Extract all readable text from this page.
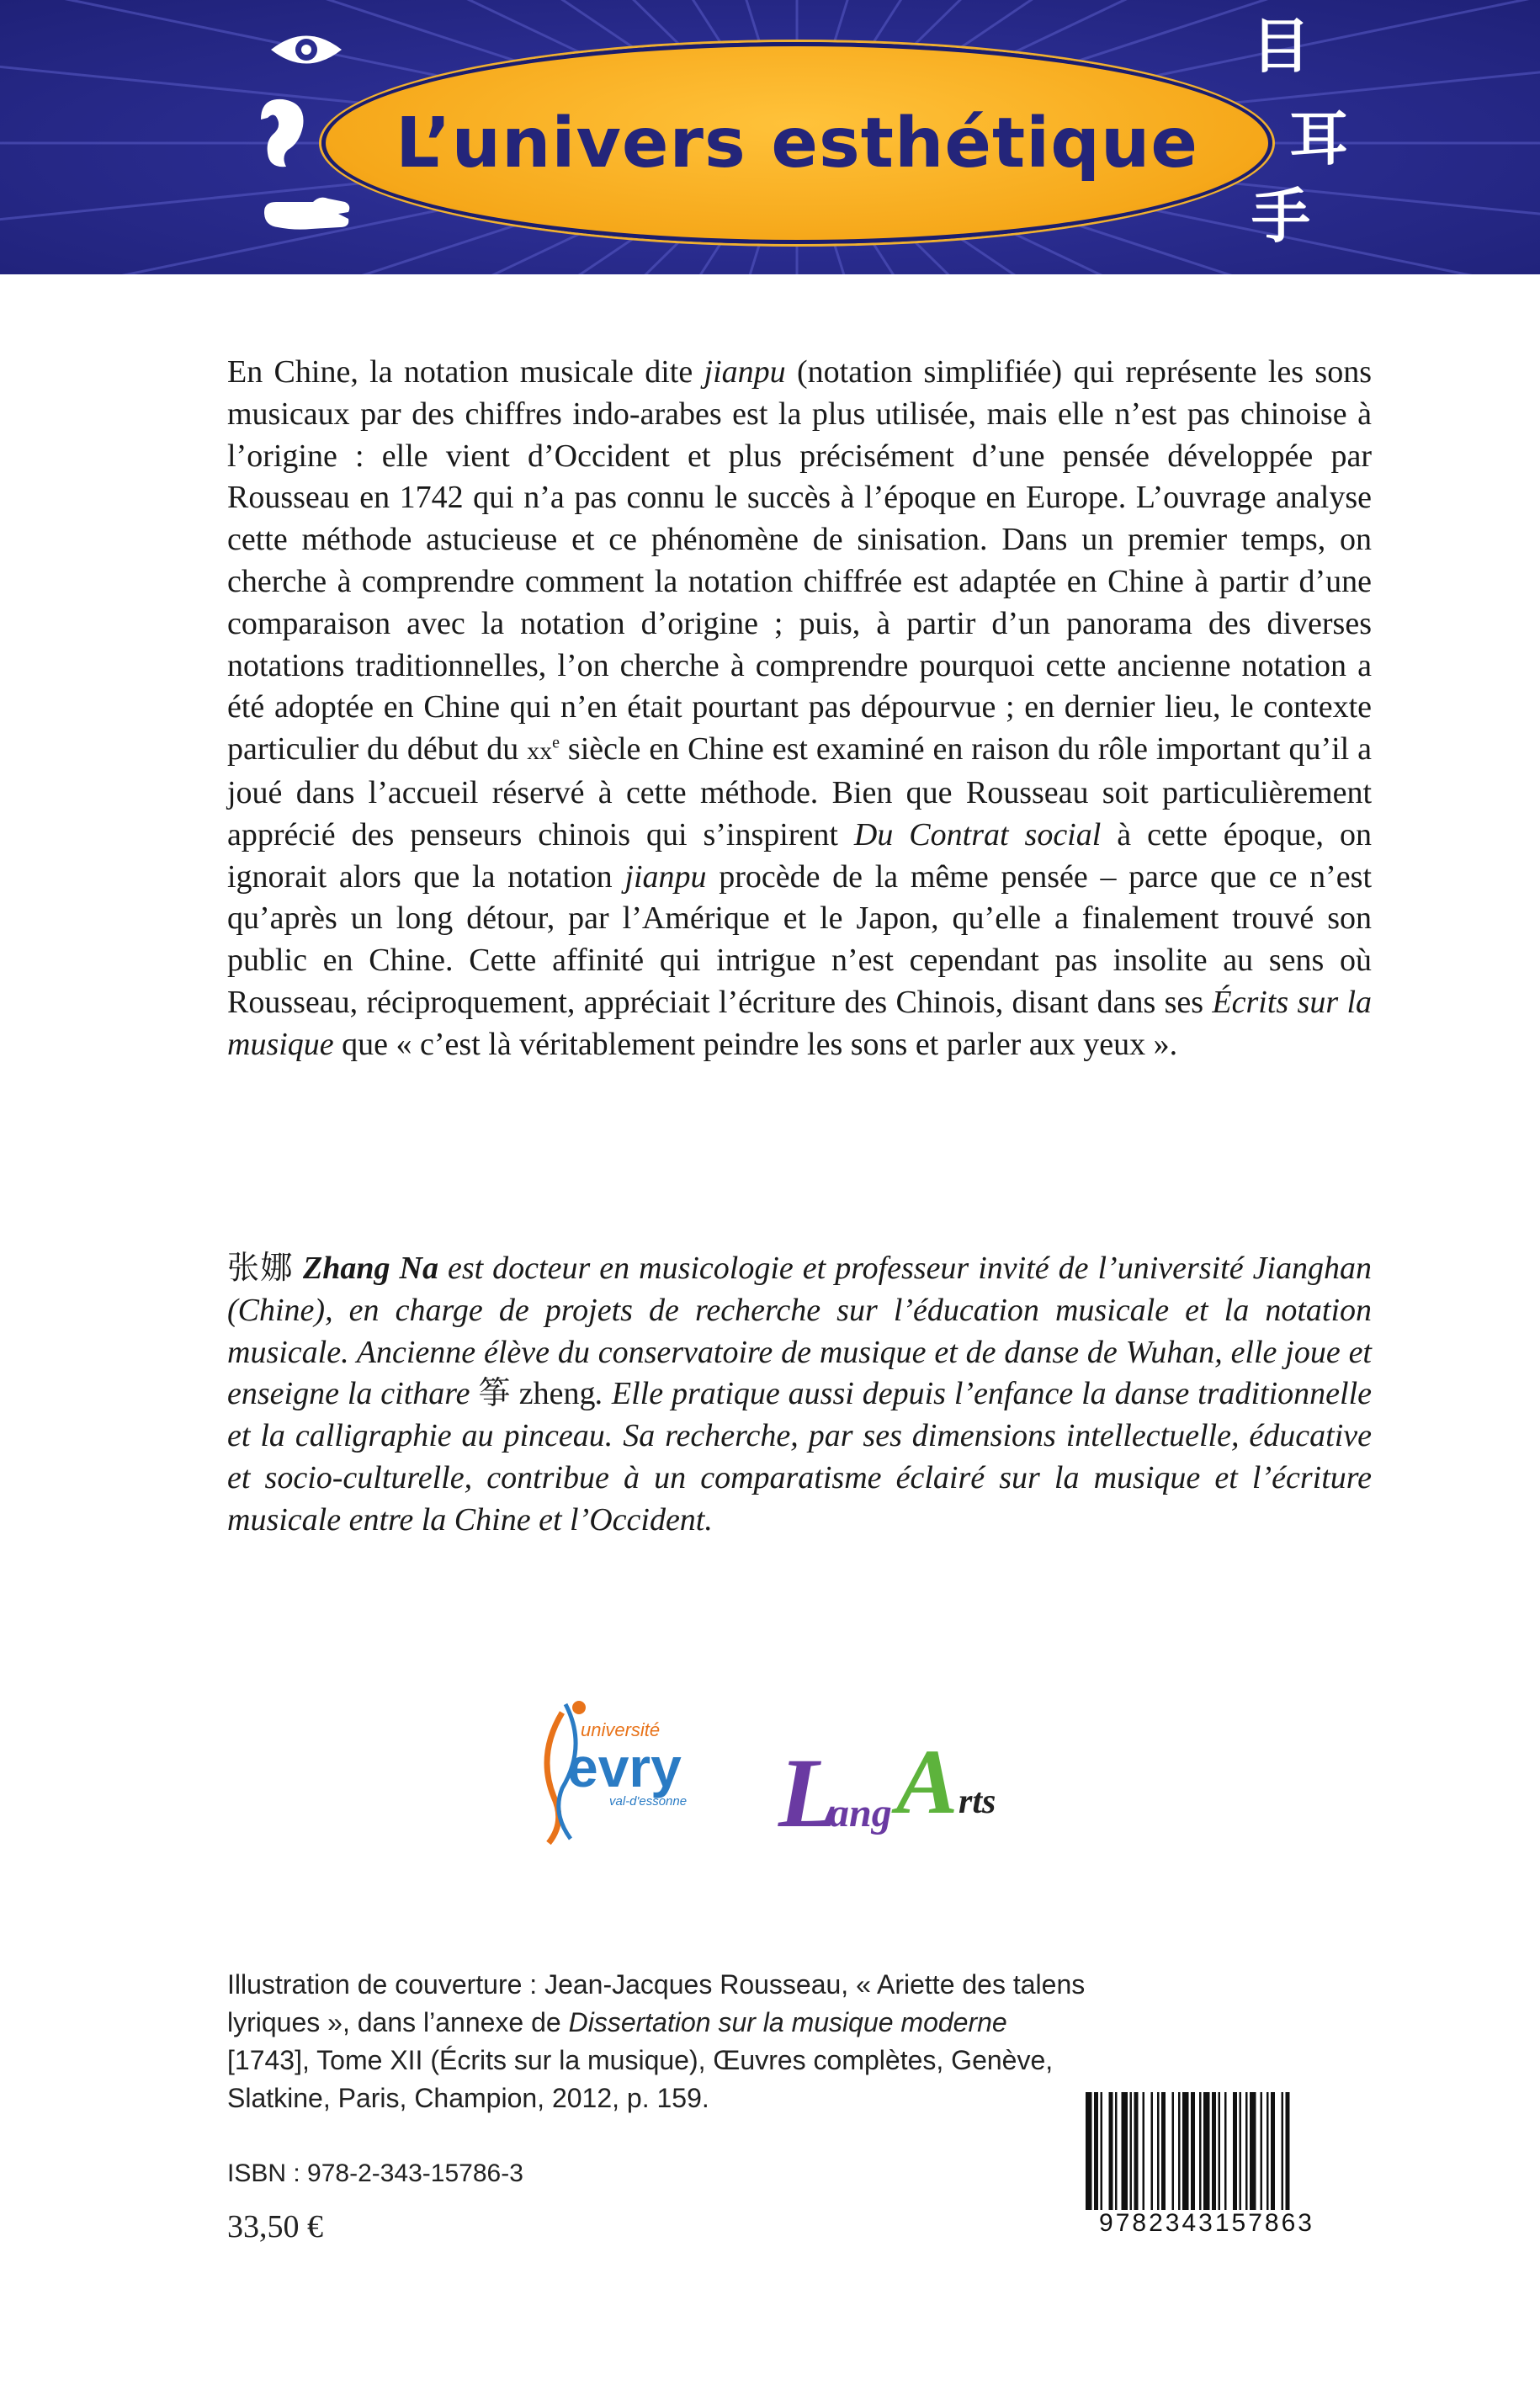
L’univers esthétique
目
耳
手

En Chine, la notation musicale dite jianpu (notation simplifiée) qui représente les sons musicaux par des chiffres indo-arabes est la plus utilisée, mais elle n’est pas chinoise à l’origine : elle vient d’Occident et plus précisément d’une pensée développée par Rousseau en 1742 qui n’a pas connu le succès à l’époque en Europe. L’ouvrage analyse cette méthode astucieuse et ce phénomène de sinisation. Dans un premier temps, on cherche à comprendre comment la notation chiffrée est adaptée en Chine à partir d’une comparaison avec la notation d’origine ; puis, à partir d’un panorama des diverses notations traditionnelles, l’on cherche à comprendre pourquoi cette ancienne notation a été adoptée en Chine qui n’en était pourtant pas dépourvue ; en dernier lieu, le contexte particulier du début du $xx^e$ siècle en Chine est examiné en raison du rôle important qu’il a joué dans l’accueil réservé à cette méthode. Bien que Rousseau soit particulièrement apprécié des penseurs chinois qui s’inspirent Du Contrat social à cette époque, on ignorait alors que la notation jianpu procède de la même pensée – parce que ce n’est qu’après un long détour, par l’Amérique et le Japon, qu’elle a finalement trouvé son public en Chine. Cette affinité qui intrigue n’est cependant pas insolite au sens où Rousseau, réciproquement, appréciait l’écriture des Chinois, disant dans ses Écrits sur la musique que « c’est là véritablement peindre les sons et parler aux yeux ».

张娜 Zhang Na est docteur en musicologie et professeur invité de l’université Jianghan (Chine), en charge de projets de recherche sur l’éducation musicale et la notation musicale. Ancienne élève du conservatoire de musique et de danse de Wuhan, elle joue et enseigne la cithare 筝 zheng. Elle pratique aussi depuis l’enfance la danse traditionnelle et la calligraphie au pinceau. Sa recherche, par ses dimensions intellectuelle, éducative et socio-culturelle, contribue à un comparatisme éclairé sur la musique et l’écriture musicale entre la Chine et l’Occident.

université
evry
val-d'essonne L
ang A rts
Illustration de couverture : Jean-Jacques Rousseau, « Ariette des talens lyriques », dans l’annexe de Dissertation sur la musique moderne [1743], Tome XII (Écrits sur la musique), Œuvres complètes, Genève, Slatkine, Paris, Champion, 2012, p. 159.
ISBN : 978-2-343-15786-3
33,50 €	9782343157863
